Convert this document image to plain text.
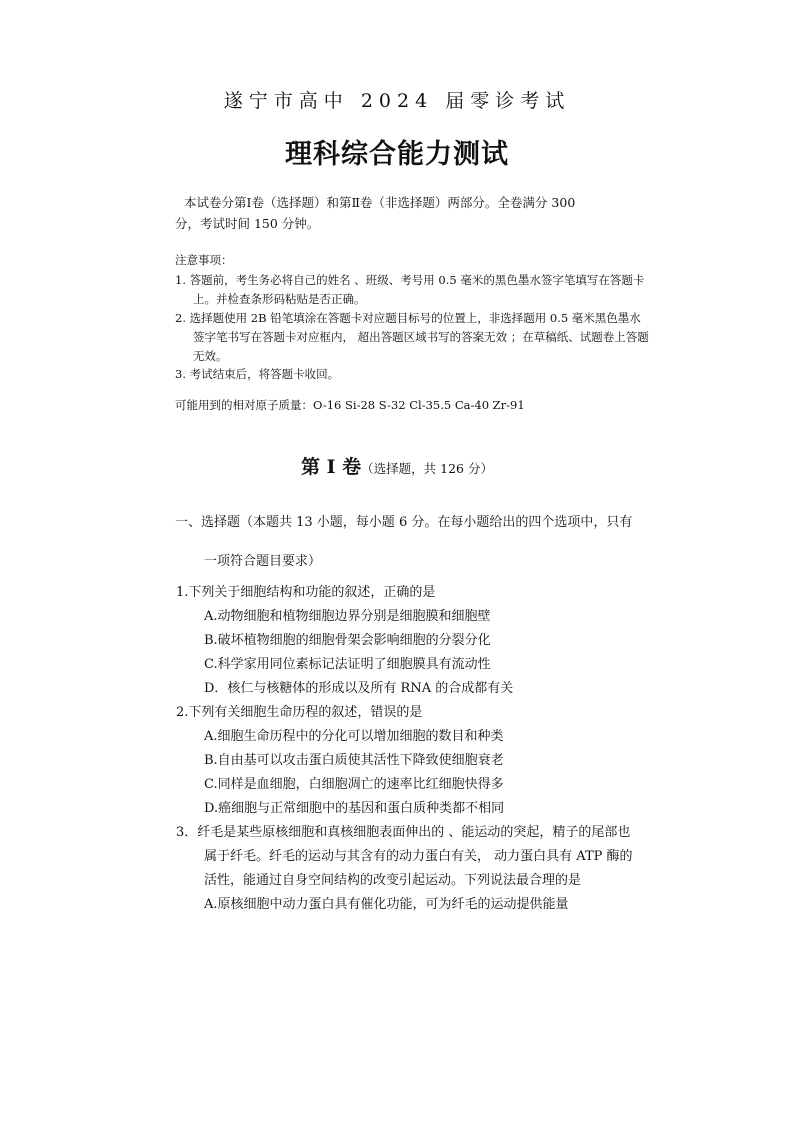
遂宁市高中 2024 届零诊考试
理科综合能力测试
本试卷分第Ⅰ卷（选择题）和第Ⅱ卷（非选择题）两部分。全卷满分 300
分，考试时间 150 分钟。
注意事项：
1. 答题前，考生务必将自己的姓名 、班级、考号用 0.5 毫米的黑色墨水签字笔填写在答题卡
上。并检查条形码粘贴是否正确。
2. 选择题使用 2B 铅笔填涂在答题卡对应题目标号的位置上，非选择题用 0.5 毫米黑色墨水
签字笔书写在答题卡对应框内， 超出答题区域书写的答案无效 ；在草稿纸、试题卷上答题
无效。
3. 考试结束后，将答题卡收回。
可能用到的相对原子质量：O-16 Si-28 S-32 Cl-35.5 Ca-40 Zr-91
第 I 卷（选择题，共 126 分）
一、选择题（本题共 13 小题，每小题 6 分。在每小题给出的四个选项中，只有
一项符合题目要求）
1.下列关于细胞结构和功能的叙述，正确的是
A.动物细胞和植物细胞边界分别是细胞膜和细胞壁
B.破坏植物细胞的细胞骨架会影响细胞的分裂分化
C.科学家用同位素标记法证明了细胞膜具有流动性
D．核仁与核糖体的形成以及所有 RNA 的合成都有关
2.下列有关细胞生命历程的叙述，错误的是
A.细胞生命历程中的分化可以增加细胞的数目和种类
B.自由基可以攻击蛋白质使其活性下降致使细胞衰老
C.同样是血细胞，白细胞凋亡的速率比红细胞快得多
D.癌细胞与正常细胞中的基因和蛋白质种类都不相同
3．纤毛是某些原核细胞和真核细胞表面伸出的 、能运动的突起，精子的尾部也
属于纤毛。纤毛的运动与其含有的动力蛋白有关， 动力蛋白具有 ATP 酶的
活性，能通过自身空间结构的改变引起运动。下列说法最合理的是
A.原核细胞中动力蛋白具有催化功能，可为纤毛的运动提供能量
